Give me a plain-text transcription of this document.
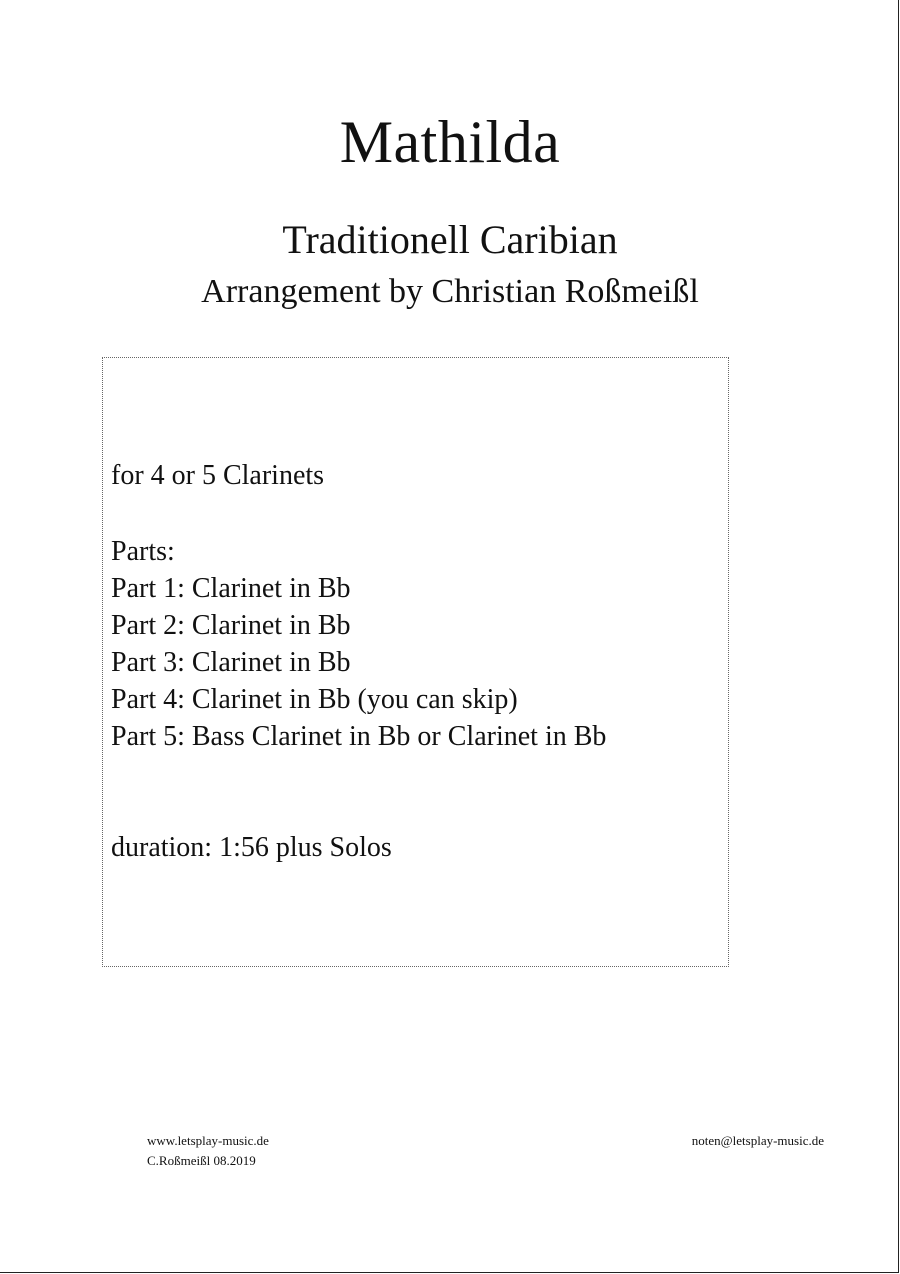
Mathilda
Traditionell Caribian
Arrangement by Christian Roßmeißl
for 4 or 5 Clarinets
Parts:
Part 1: Clarinet in Bb
Part 2: Clarinet in Bb
Part 3: Clarinet in Bb
Part 4: Clarinet in Bb (you can skip)
Part 5: Bass Clarinet in Bb or Clarinet in Bb
duration: 1:56 plus Solos
www.letsplay-music.de
C.Roßmeißl 08.2019
noten@letsplay-music.de
